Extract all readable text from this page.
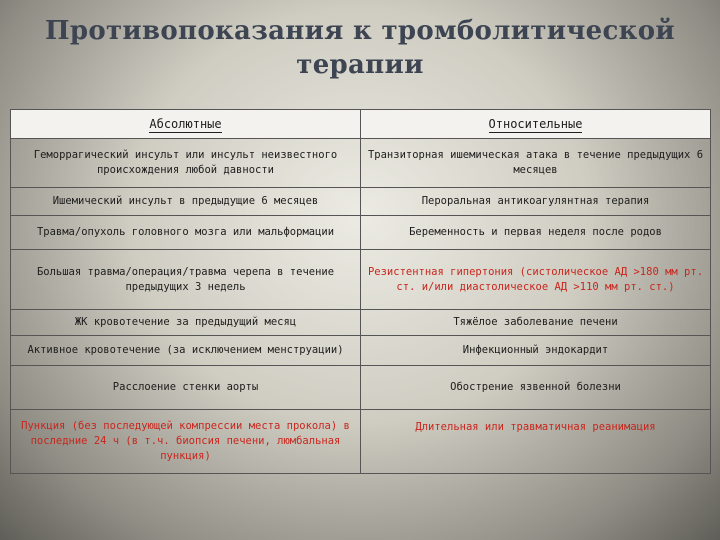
Противопоказания к тромболитической
терапии
Абсолютные	Относительные
Геморрагический инсульт или инсульт неизвестного происхождения любой давности	Транзиторная ишемическая атака в течение предыдущих 6 месяцев
Ишемический инсульт в предыдущие 6 месяцев	Пероральная антикоагулянтная терапия
Травма/опухоль головного мозга или мальформации	Беременность и первая неделя после родов
Большая травма/операция/травма черепа в течение предыдущих 3 недель	Резистентная гипертония (систолическое АД >180 мм рт. ст. и/или диастолическое АД >110 мм рт. ст.)
ЖК кровотечение за предыдущий месяц	Тяжёлое заболевание печени
Активное кровотечение (за исключением менструации)	Инфекционный эндокардит
Расслоение стенки аорты	Обострение язвенной болезни
Пункция (без последующей компрессии места прокола) в последние 24 ч (в т.ч. биопсия печени, люмбальная пункция)	Длительная или травматичная реанимация
